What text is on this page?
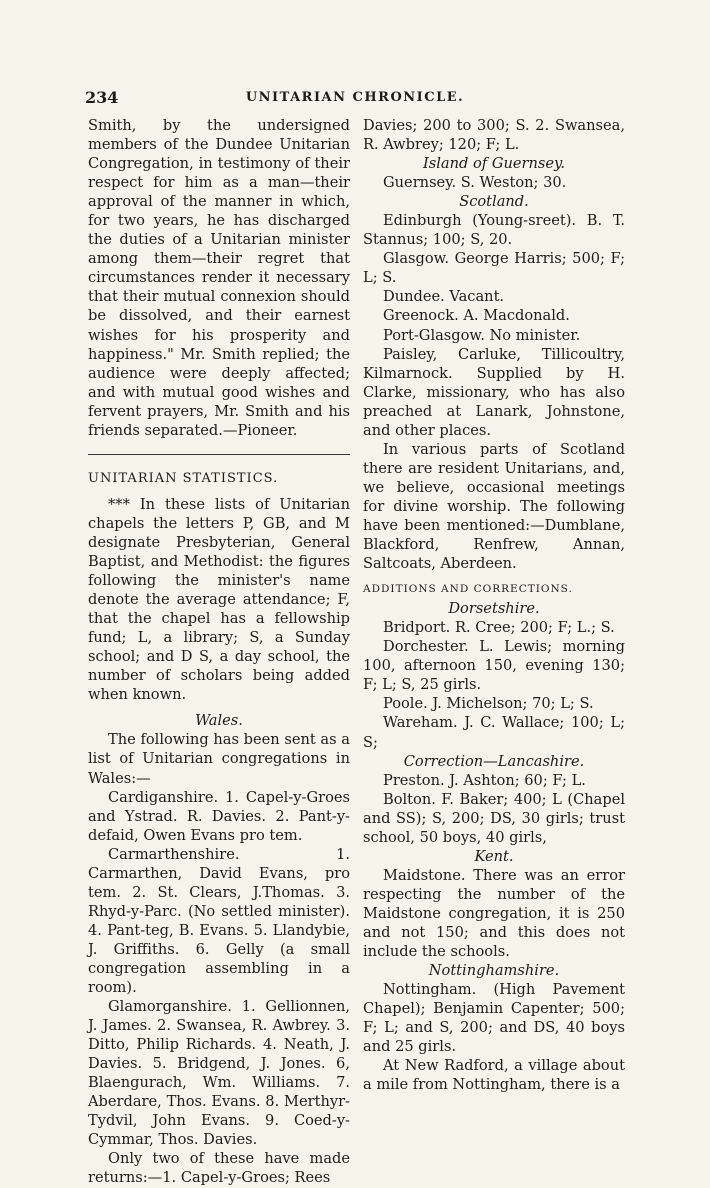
234	UNITARIAN CHRONICLE.

Smith, by the undersigned members of the Dundee Unitarian Congregation, in testimony of their respect for him as a man—their approval of the manner in which, for two years, he has discharged the duties of a Unitarian minister among them—their regret that circumstances render it necessary that their mutual connexion should be dissolved, and their earnest wishes for his prosperity and happiness." Mr. Smith replied; the audience were deeply affected; and with mutual good wishes and fervent prayers, Mr. Smith and his friends separated.—Pioneer.

UNITARIAN STATISTICS.

*** In these lists of Unitarian chapels the letters P, GB, and M designate Presbyterian, General Baptist, and Methodist: the figures following the minister's name denote the average attendance; F, that the chapel has a fellowship fund; L, a library; S, a Sunday school; and D S, a day school, the number of scholars being added when known.

Wales.

The following has been sent as a list of Unitarian congregations in Wales:—

Cardiganshire. 1. Capel-y-Groes and Ystrad. R. Davies. 2. Pant-y-defaid, Owen Evans pro tem.

Carmarthenshire. 1. Carmarthen, David Evans, pro tem. 2. St. Clears, J.Thomas. 3. Rhyd-y-Parc. (No settled minister). 4. Pant-teg, B. Evans. 5. Llandybie, J. Griffiths. 6. Gelly (a small congregation assembling in a room).

Glamorganshire. 1. Gellionnen, J. James. 2. Swansea, R. Awbrey. 3. Ditto, Philip Richards. 4. Neath, J. Davies. 5. Bridgend, J. Jones. 6, Blaengurach, Wm. Williams. 7. Aberdare, Thos. Evans. 8. Merthyr-Tydvil, John Evans. 9. Coed-y-Cymmar, Thos. Davies.

Only two of these have made returns:—1. Capel-y-Groes; Rees

Davies; 200 to 300; S. 2. Swansea, R. Awbrey; 120; F; L.

Island of Guernsey.

Guernsey. S. Weston; 30.

Scotland.

Edinburgh (Young-sreet). B. T. Stannus; 100; S, 20.

Glasgow. George Harris; 500; F; L; S.

Dundee. Vacant.

Greenock. A. Macdonald.

Port-Glasgow. No minister.

Paisley, Carluke, Tillicoultry, Kilmarnock. Supplied by H. Clarke, missionary, who has also preached at Lanark, Johnstone, and other places.

In various parts of Scotland there are resident Unitarians, and, we believe, occasional meetings for divine worship. The following have been mentioned:—Dumblane, Blackford, Renfrew, Annan, Saltcoats, Aberdeen.

ADDITIONS AND CORRECTIONS.

Dorsetshire.

Bridport. R. Cree; 200; F; L.; S.

Dorchester. L. Lewis; morning 100, afternoon 150, evening 130; F; L; S, 25 girls.

Poole. J. Michelson; 70; L; S.

Wareham. J. C. Wallace; 100; L; S;

Correction—Lancashire.

Preston. J. Ashton; 60; F; L.

Bolton. F. Baker; 400; L (Chapel and SS); S, 200; DS, 30 girls; trust school, 50 boys, 40 girls,

Kent.

Maidstone. There was an error respecting the number of the Maidstone congregation, it is 250 and not 150; and this does not include the schools.

Nottinghamshire.

Nottingham. (High Pavement Chapel); Benjamin Capenter; 500; F; L; and S, 200; and DS, 40 boys and 25 girls.

At New Radford, a village about a mile from Nottingham, there is a
